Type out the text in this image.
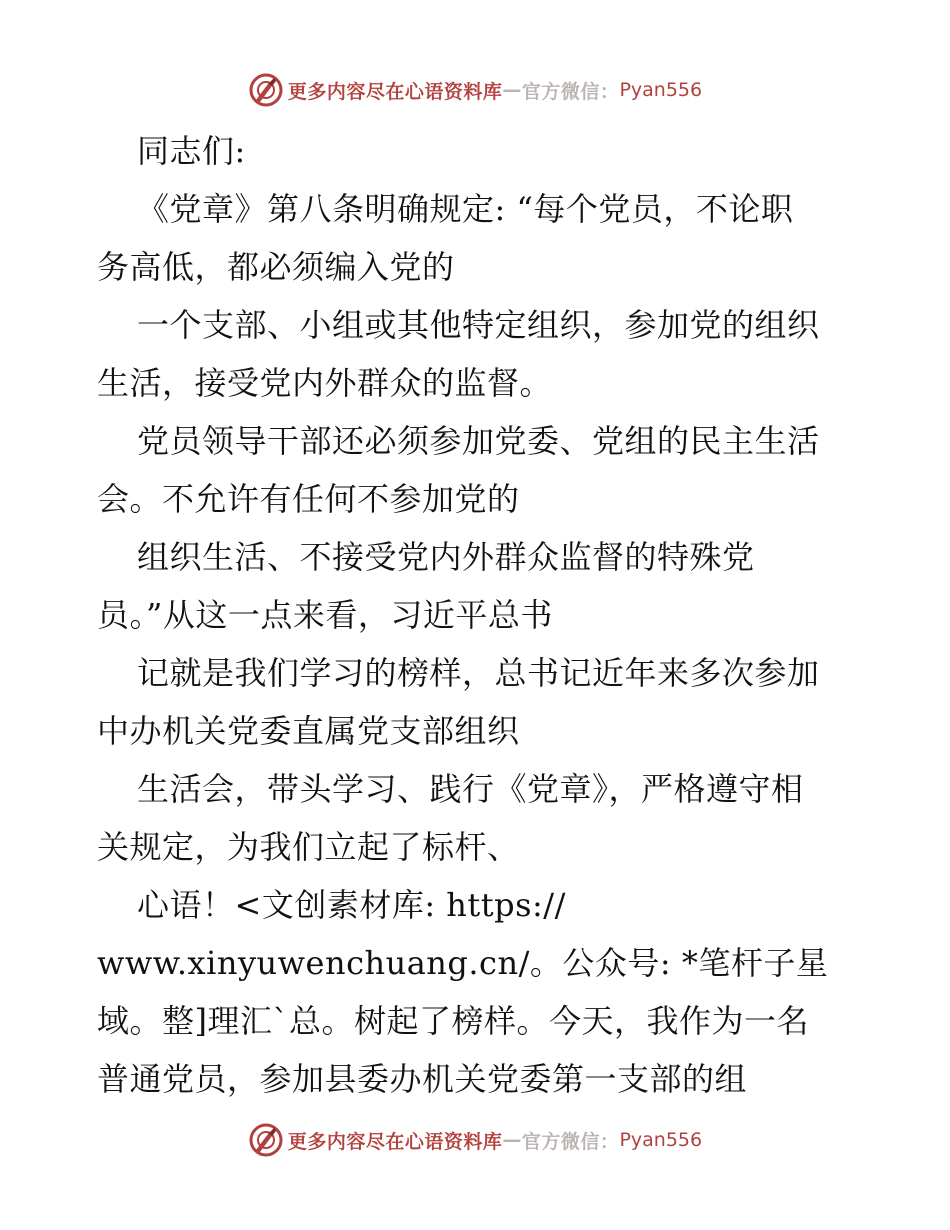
更多内容尽在心语资料库 — 官方微信： Pyan556
同志们:
《党章》第八条明确规定: “每个党员，不论职
务高低，都必须编入党的
一个支部、小组或其他特定组织，参加党的组织
生活，接受党内外群众的监督。
党员领导干部还必须参加党委、党组的民主生活
会。不允许有任何不参加党的
组织生活、不接受党内外群众监督的特殊党
员。”从这一点来看，习近平总书
记就是我们学习的榜样，总书记近年来多次参加
中办机关党委直属党支部组织
生活会，带头学习、践行《党章》，严格遵守相
关规定，为我们立起了标杆、
心语！<文创素材库: https://
www.xinyuwenchuang.cn/。公众号: *笔杆子星
域。整]理汇`总。树起了榜样。今天，我作为一名
普通党员，参加县委办机关党委第一支部的组
更多内容尽在心语资料库 — 官方微信： Pyan556
